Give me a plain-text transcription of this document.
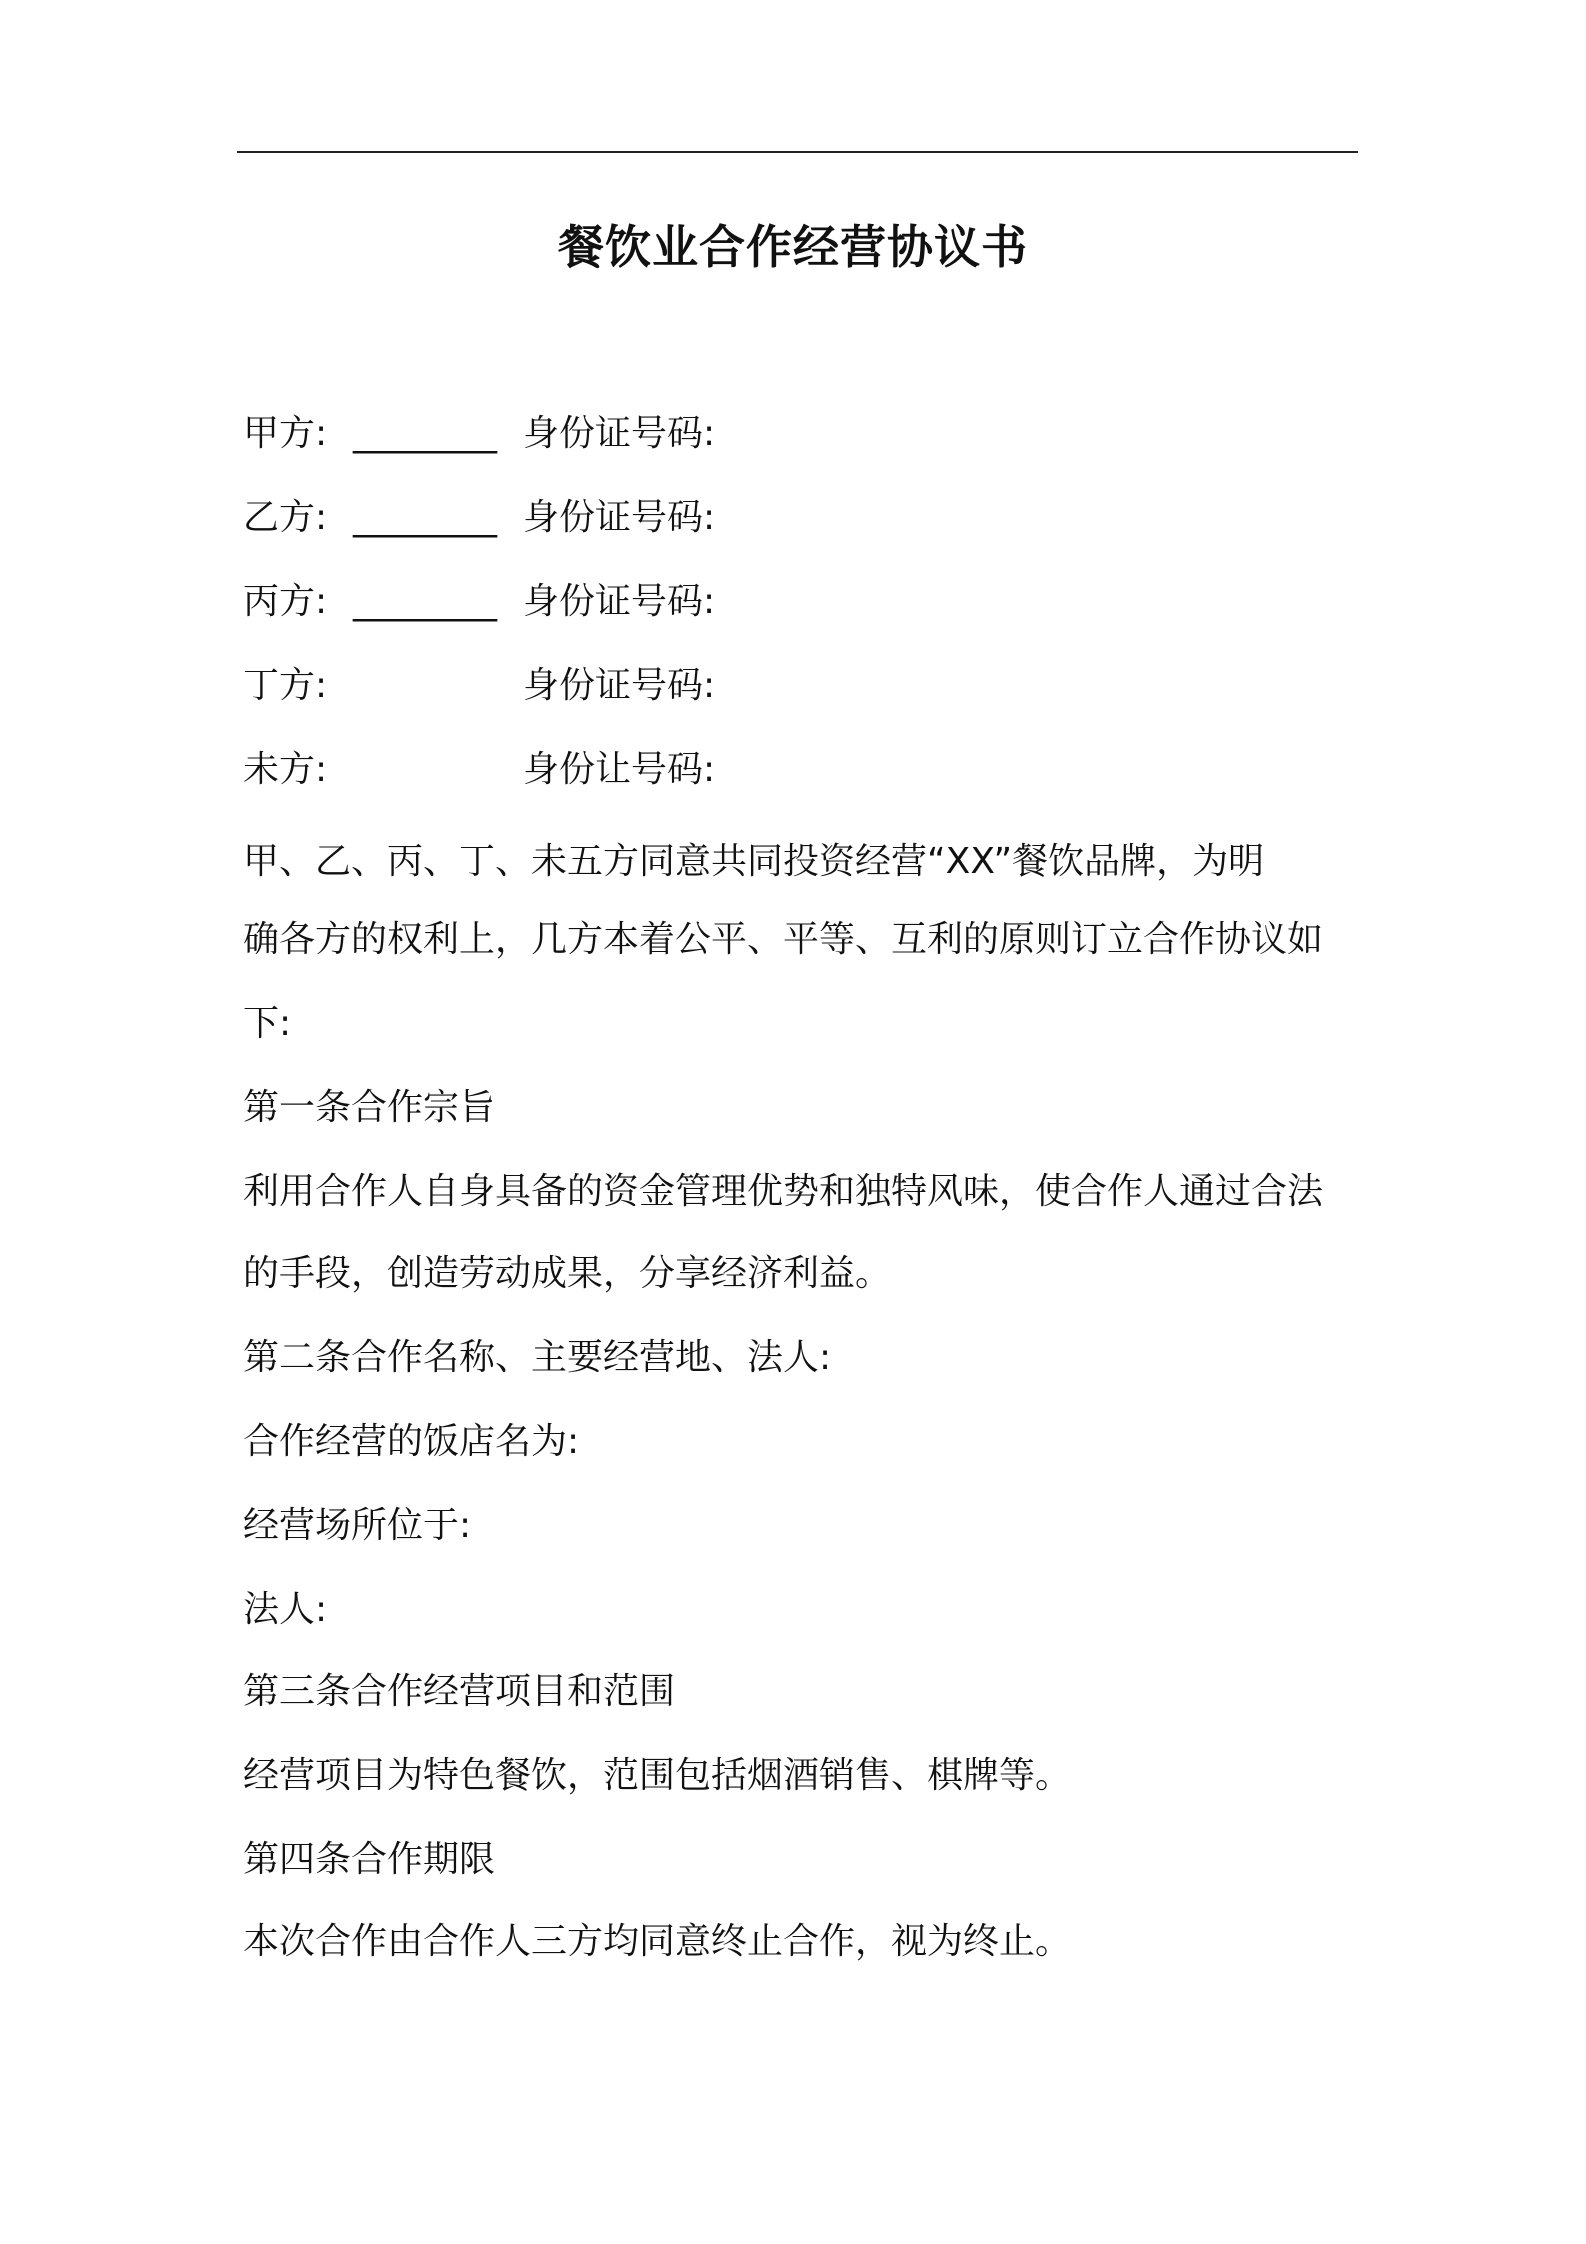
餐饮业合作经营协议书
甲方: ________ 身份证号码:
乙方: ________ 身份证号码:
丙方: ________ 身份证号码:
丁方:	身份证号码:
未方:	身份让号码:
甲、乙、丙、丁、未五方同意共同投资经营“XX”餐饮品牌，为明
确各方的权利上，几方本着公平、平等、互利的原则订立合作协议如
下:
第一条合作宗旨
利用合作人自身具备的资金管理优势和独特风味，使合作人通过合法
的手段，创造劳动成果，分享经济利益。
第二条合作名称、主要经营地、法人:
合作经营的饭店名为:
经营场所位于:
法人:
第三条合作经营项目和范围
经营项目为特色餐饮，范围包括烟酒销售、棋牌等。
第四条合作期限
本次合作由合作人三方均同意终止合作，视为终止。
